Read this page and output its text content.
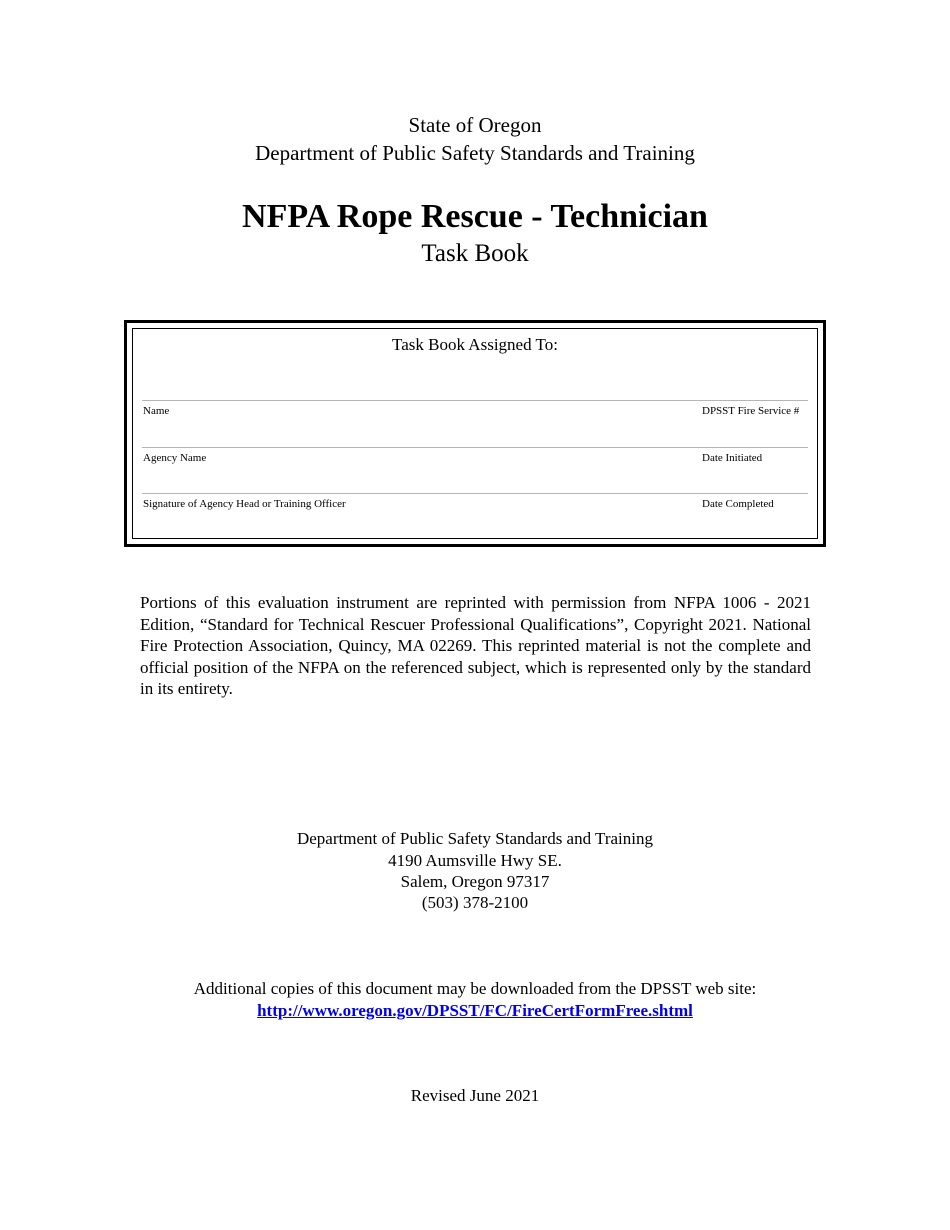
State of Oregon
Department of Public Safety Standards and Training
NFPA Rope Rescue - Technician
Task Book
Task Book Assigned To:
Name	DPSST Fire Service #
Agency Name	Date Initiated
Signature of Agency Head or Training Officer	Date Completed
Portions of this evaluation instrument are reprinted with permission from NFPA 1006 - 2021 Edition, “Standard for Technical Rescuer Professional Qualifications”, Copyright 2021. National Fire Protection Association, Quincy, MA 02269. This reprinted material is not the complete and official position of the NFPA on the referenced subject, which is represented only by the standard in its entirety.
Department of Public Safety Standards and Training
4190 Aumsville Hwy SE.
Salem, Oregon 97317
(503) 378-2100
Additional copies of this document may be downloaded from the DPSST web site:
http://www.oregon.gov/DPSST/FC/FireCertFormFree.shtml
Revised June 2021
